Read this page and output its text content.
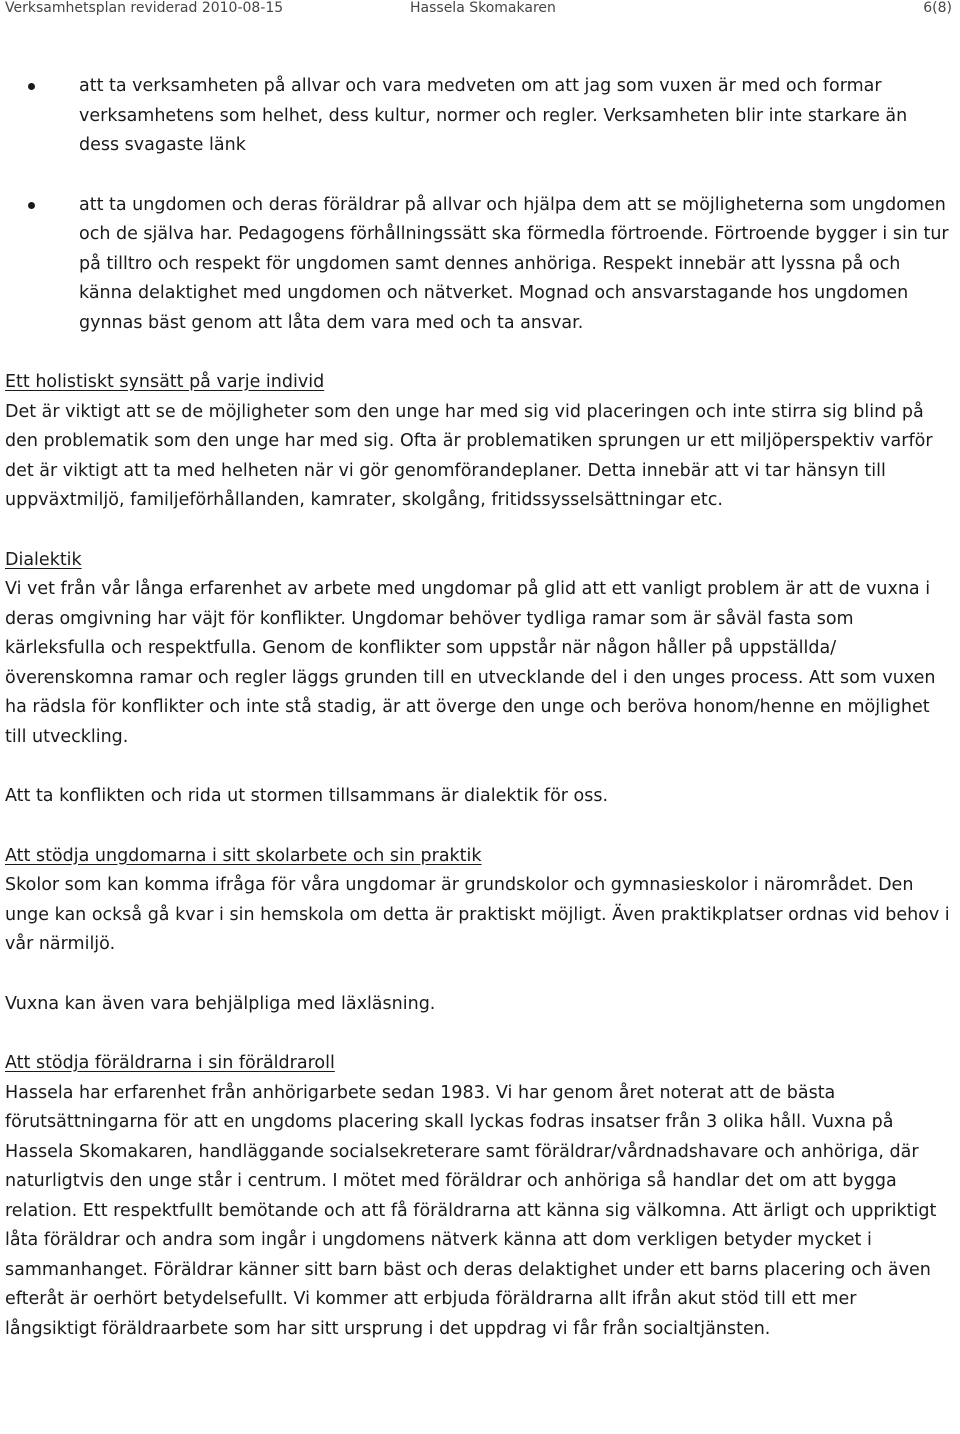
Verksamhetsplan reviderad 2010-08-15	Hassela Skomakaren	6(8)
att ta verksamheten på allvar och vara medveten om att jag som vuxen är med och formar verksamhetens som helhet, dess kultur, normer och regler. Verksamheten blir inte starkare än dess svagaste länk
att ta ungdomen och deras föräldrar på allvar och hjälpa dem att se möjligheterna som ungdomen och de själva har. Pedagogens förhållningssätt ska förmedla förtroende. Förtroende bygger i sin tur på tilltro och respekt för ungdomen samt dennes anhöriga. Respekt innebär att lyssna på och känna delaktighet med ungdomen och nätverket. Mognad och ansvarstagande hos ungdomen gynnas bäst genom att låta dem vara med och ta ansvar.
Ett holistiskt synsätt på varje individ

Det är viktigt att se de möjligheter som den unge har med sig vid placeringen och inte stirra sig blind på den problematik som den unge har med sig. Ofta är problematiken sprungen ur ett miljöperspektiv varför det är viktigt att ta med helheten när vi gör genomförandeplaner. Detta innebär att vi tar hänsyn till uppväxtmiljö, familjeförhållanden, kamrater, skolgång, fritidssysselsättningar etc.

Dialektik

Vi vet från vår långa erfarenhet av arbete med ungdomar på glid att ett vanligt problem är att de vuxna i deras omgivning har väjt för konflikter. Ungdomar behöver tydliga ramar som är såväl fasta som kärleksfulla och respektfulla. Genom de konflikter som uppstår när någon håller på uppställda/överenskomna ramar och regler läggs grunden till en utvecklande del i den unges process. Att som vuxen ha rädsla för konflikter och inte stå stadig, är att överge den unge och beröva honom/henne en möjlighet till utveckling.

Att ta konflikten och rida ut stormen tillsammans är dialektik för oss.

Att stödja ungdomarna i sitt skolarbete och sin praktik

Skolor som kan komma ifråga för våra ungdomar är grundskolor och gymnasieskolor i närområdet. Den unge kan också gå kvar i sin hemskola om detta är praktiskt möjligt. Även praktikplatser ordnas vid behov i vår närmiljö.

Vuxna kan även vara behjälpliga med läxläsning.

Att stödja föräldrarna i sin föräldraroll

Hassela har erfarenhet från anhörigarbete sedan 1983. Vi har genom året noterat att de bästa förutsättningarna för att en ungdoms placering skall lyckas fodras insatser från 3 olika håll. Vuxna på Hassela Skomakaren, handläggande socialsekreterare samt föräldrar/vårdnadshavare och anhöriga, där naturligtvis den unge står i centrum. I mötet med föräldrar och anhöriga så handlar det om att bygga relation. Ett respektfullt bemötande och att få föräldrarna att känna sig välkomna. Att ärligt och uppriktigt låta föräldrar och andra som ingår i ungdomens nätverk känna att dom verkligen betyder mycket i sammanhanget. Föräldrar känner sitt barn bäst och deras delaktighet under ett barns placering och även efteråt är oerhört betydelsefullt. Vi kommer att erbjuda föräldrarna allt ifrån akut stöd till ett mer långsiktigt föräldraarbete som har sitt ursprung i det uppdrag vi får från socialtjänsten.
